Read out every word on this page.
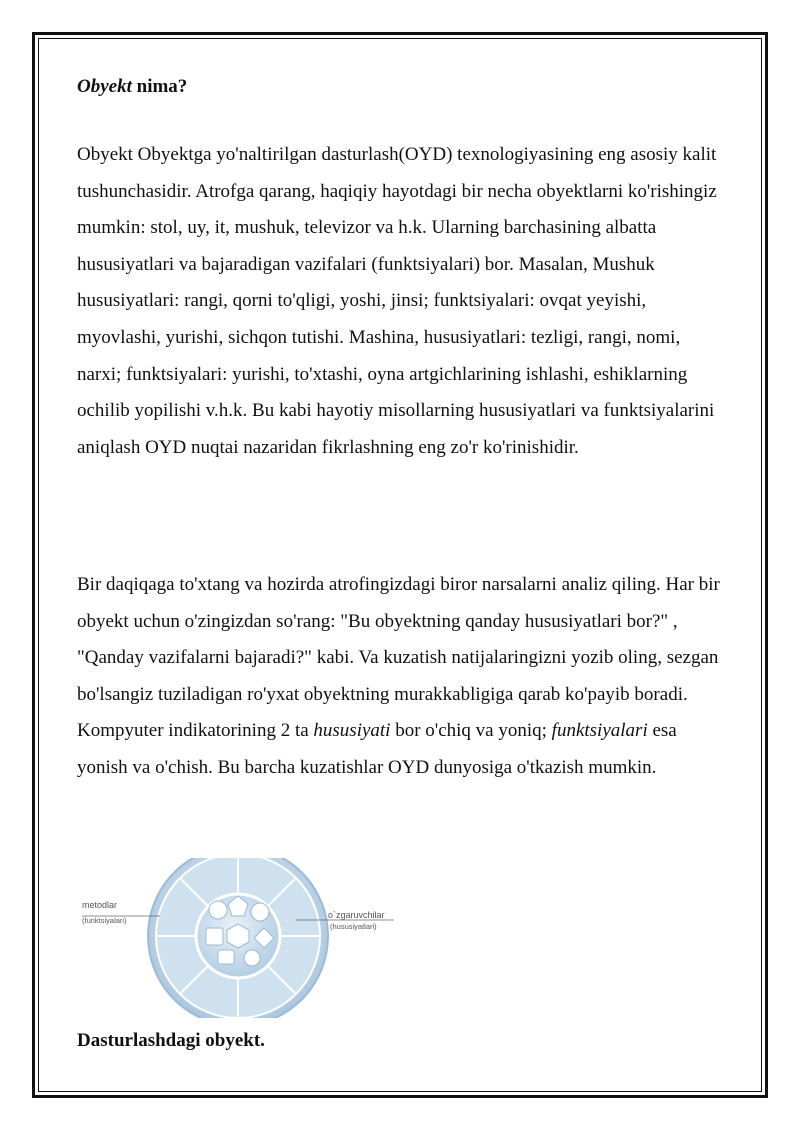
Obyekt nima?

Obyekt Obyektga yo'naltirilgan dasturlash(OYD) texnologiyasining eng asosiy kalit tushunchasidir. Atrofga qarang, haqiqiy hayotdagi bir necha obyektlarni ko'rishingiz mumkin: stol, uy, it, mushuk, televizor va h.k. Ularning barchasining albatta hususiyatlari va bajaradigan vazifalari (funktsiyalari) bor. Masalan, Mushuk hususiyatlari: rangi, qorni to'qligi, yoshi, jinsi; funktsiyalari: ovqat yeyishi, myovlashi, yurishi, sichqon tutishi. Mashina, hususiyatlari: tezligi, rangi, nomi, narxi; funktsiyalari: yurishi, to'xtashi, oyna artgichlarining ishlashi, eshiklarning ochilib yopilishi v.h.k. Bu kabi hayotiy misollarning hususiyatlari va funktsiyalarini aniqlash OYD nuqtai nazaridan fikrlashning eng zo'r ko'rinishidir.

Bir daqiqaga to'xtang va hozirda atrofingizdagi biror narsalarni analiz qiling. Har bir obyekt uchun o'zingizdan so'rang: "Bu obyektning qanday hususiyatlari bor?" , "Qanday vazifalarni bajaradi?" kabi. Va kuzatish natijalaringizni yozib oling, sezgan bo'lsangiz tuziladigan ro'yxat obyektning murakkabligiga qarab ko'payib boradi. Kompyuter indikatorining 2 ta hususiyati bor o'chiq va yoniq; funktsiyalari esa yonish va o'chish. Bu barcha kuzatishlar OYD dunyosiga o'tkazish mumkin.

Dasturlashdagi obyekt.
metodlar
(funktsiyalari)
o`zgaruvchilar
(hususiyatlari)
